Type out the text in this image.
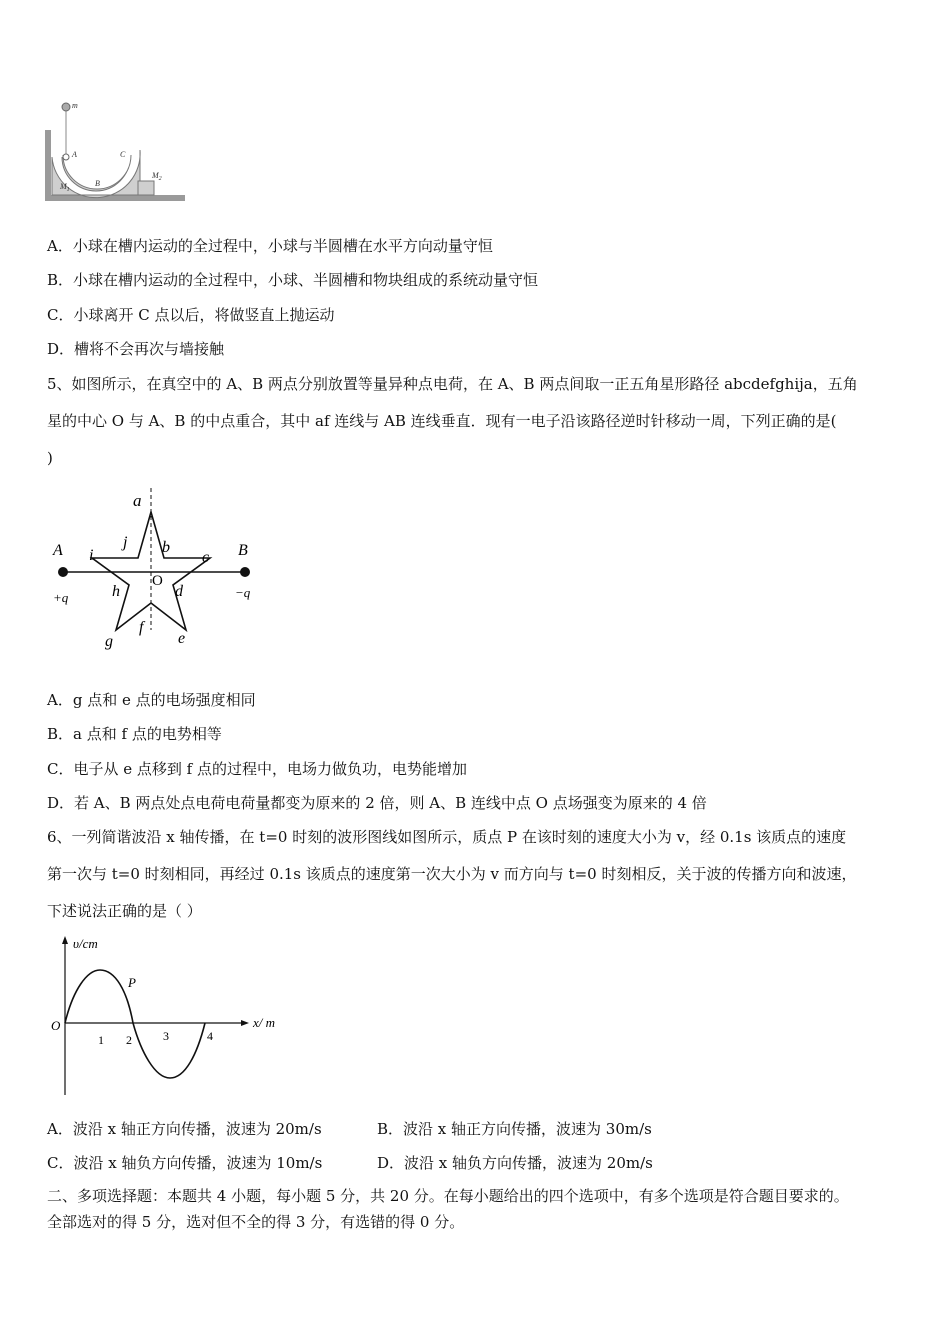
m
A	C
B
$M_1$
$M_2$
A．小球在槽内运动的全过程中，小球与半圆槽在水平方向动量守恒
B．小球在槽内运动的全过程中，小球、半圆槽和物块组成的系统动量守恒
C．小球离开 C 点以后，将做竖直上抛运动
D．槽将不会再次与墙接触
5、如图所示，在真空中的 A、B 两点分别放置等量异种点电荷，在 A、B 两点间取一正五角星形路径 abcdefghija，五角
星的中心 O 与 A、B 的中点重合，其中 af 连线与 AB 连线垂直．现有一电子沿该路径逆时针移动一周，下列正确的是(
)
A	B
+q	−q
a
j b
i	c
O
h	d
f
g	e
A．g 点和 e 点的电场强度相同
B．a 点和 f 点的电势相等
C．电子从 e 点移到 f 点的过程中，电场力做负功，电势能增加
D．若 A、B 两点处点电荷电荷量都变为原来的 2 倍，则 A、B 连线中点 O 点场强变为原来的 4 倍
6、一列简谐波沿 x 轴传播，在 t=0 时刻的波形图线如图所示，质点 P 在该时刻的速度大小为 v，经 0.1s 该质点的速度
第一次与 t=0 时刻相同，再经过 0.1s 该质点的速度第一次大小为 v 而方向与 t=0 时刻相反，关于波的传播方向和波速，
下述说法正确的是（ ）
υ/cm
x/ m
O
1 2	3	4
P
A．波沿 x 轴正方向传播，波速为 20m/s	B．波沿 x 轴正方向传播，波速为 30m/s
C．波沿 x 轴负方向传播，波速为 10m/s	D．波沿 x 轴负方向传播，波速为 20m/s
二、多项选择题：本题共 4 小题，每小题 5 分，共 20 分。在每小题给出的四个选项中，有多个选项是符合题目要求的。
全部选对的得 5 分，选对但不全的得 3 分，有选错的得 0 分。
